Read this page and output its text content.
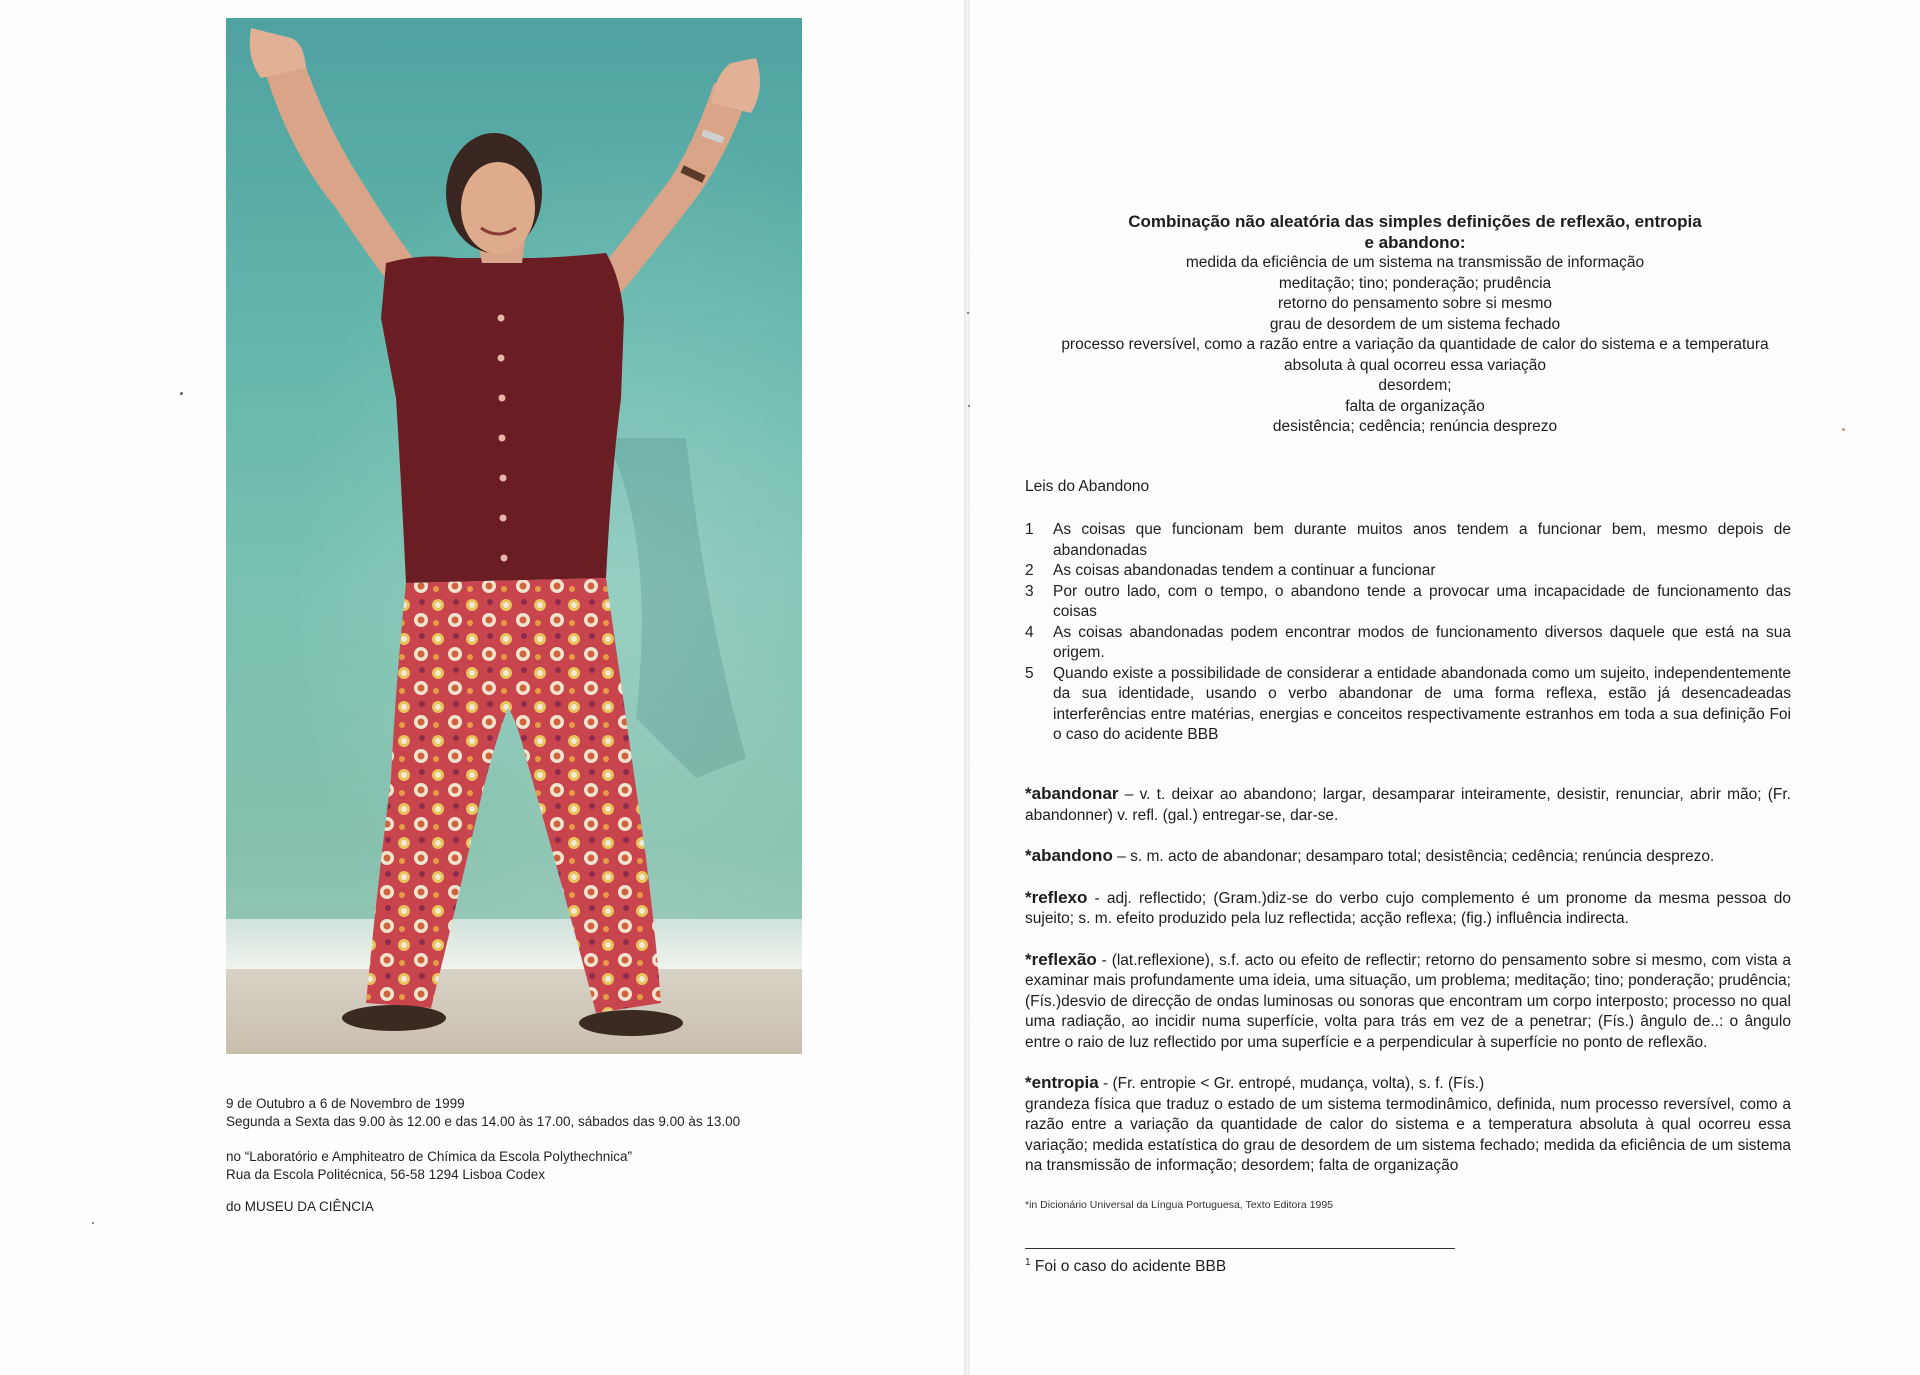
9 de Outubro a 6 de Novembro de 1999
Segunda a Sexta das 9.00 às 12.00 e das 14.00 às 17.00, sábados das 9.00 às 13.00
no “Laboratório e Amphiteatro de Chímica da Escola Polythechnica”
Rua da Escola Politécnica, 56-58 1294 Lisboa Codex
do MUSEU DA CIÊNCIA
Combinação não aleatória das simples definições de reflexão, entropia
e abandono:
medida da eficiência de um sistema na transmissão de informação
meditação; tino; ponderação; prudência
retorno do pensamento sobre si mesmo
grau de desordem de um sistema fechado
processo reversível, como a razão entre a variação da quantidade de calor do sistema e a temperatura
absoluta à qual ocorreu essa variação
desordem;
falta de organização
desistência; cedência; renúncia desprezo
Leis do Abandono
1	As coisas que funcionam bem durante muitos anos tendem a funcionar bem, mesmo depois de abandonadas
2	As coisas abandonadas tendem a continuar a funcionar
3	Por outro lado, com o tempo, o abandono tende a provocar uma incapacidade de funcionamento das coisas
4	As coisas abandonadas podem encontrar modos de funcionamento diversos daquele que está na sua origem.
5	Quando existe a possibilidade de considerar a entidade abandonada como um sujeito, independentemente da sua identidade, usando o verbo abandonar de uma forma reflexa, estão já desencadeadas interferências entre matérias, energias e conceitos respectivamente estranhos em toda a sua definição Foi o caso do acidente BBB

*abandonar – v. t. deixar ao abandono; largar, desamparar inteiramente, desistir, renunciar, abrir mão; (Fr. abandonner) v. refl. (gal.) entregar-se, dar-se.

*abandono – s. m. acto de abandonar; desamparo total; desistência; cedência; renúncia desprezo.

*reflexo - adj. reflectido; (Gram.)diz-se do verbo cujo complemento é um pronome da mesma pessoa do sujeito; s. m. efeito produzido pela luz reflectida; acção reflexa; (fig.) influência indirecta.

*reflexão - (lat.reflexione), s.f. acto ou efeito de reflectir; retorno do pensamento sobre si mesmo, com vista a examinar mais profundamente uma ideia, uma situação, um problema; meditação; tino; ponderação; prudência; (Fís.)desvio de direcção de ondas luminosas ou sonoras que encontram um corpo interposto; processo no qual uma radiação, ao incidir numa superfície, volta para trás em vez de a penetrar; (Fís.) ângulo de..: o ângulo entre o raio de luz reflectido por uma superfície e a perpendicular à superfície no ponto de reflexão.

*entropia - (Fr. entropie < Gr. entropé, mudança, volta), s. f. (Fís.)
grandeza física que traduz o estado de um sistema termodinâmico, definida, num processo reversível, como a razão entre a variação da quantidade de calor do sistema e a temperatura absoluta à qual ocorreu essa variação; medida estatística do grau de desordem de um sistema fechado; medida da eficiência de um sistema na transmissão de informação; desordem; falta de organização

*in Dicionário Universal da Língua Portuguesa, Texto Editora 1995
$^1$ Foi o caso do acidente BBB
